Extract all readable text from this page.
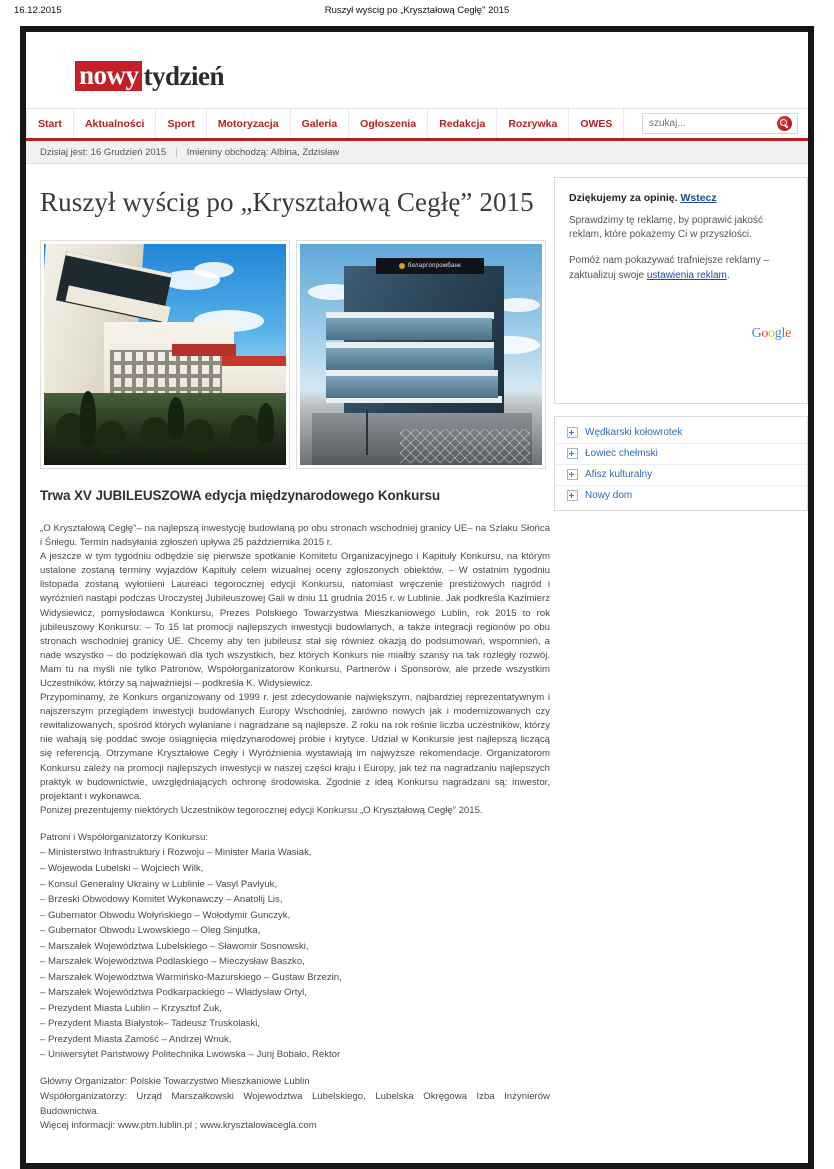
16.12.2015	Ruszył wyścig po „Kryształową Cegłę" 2015
nowy tydzień
Start	Aktualności	Sport	Motoryzacja	Galeria	Ogłoszenia	Redakcja	Rozrywka	OWES
szukaj...
Dzisiaj jest: 16 Grudzień 2015 | Imieniny obchodzą: Albina, Zdzisław
Ruszył wyścig po „Kryształową Cegłę” 2015
беларгопромбанк
Trwa XV JUBILEUSZOWA edycja międzynarodowego Konkursu

„O Kryształową Cegłę”– na najlepszą inwestycję budowlaną po obu stronach wschodniej granicy UE– na Szlaku Słońca i Śniegu. Termin nadsyłania zgłoszeń upływa 25 października 2015 r.

A jeszcze w tym tygodniu odbędzie się pierwsze spotkanie Komitetu Organizacyjnego i Kapituły Konkursu, na którym ustalone zostaną terminy wyjazdów Kapituły celem wizualnej oceny zgłoszonych obiektów. – W ostatnim tygodniu listopada zostaną wyłonieni Laureaci tegorocznej edycji Konkursu, natomiast wręczenie prestiżowych nagród i wyróżnień nastąpi podczas Uroczystej Jubileuszowej Gali w dniu 11 grudnia 2015 r. w Lublinie. Jak podkreśla Kazimierz Widysiewicz, pomysłodawca Konkursu, Prezes Polskiego Towarzystwa Mieszkaniowego Lublin, rok 2015 to rok jubileuszowy Konkursu: – To 15 lat promocji najlepszych inwestycji budowlanych, a także integracji regionów po obu stronach wschodniej granicy UE. Chcemy aby ten jubileusz stał się również okazją do podsumowań, wspomnień, a nade wszystko – do podziękowań dla tych wszystkich, bez których Konkurs nie miałby szansy na tak rozległy rozwój. Mam tu na myśli nie tylko Patronów, Współorganizatorów Konkursu, Partnerów i Sponsorów, ale przede wszystkim Uczestników, którzy są najważniejsi – podkreśla K. Widysiewicz.

Przypominamy, że Konkurs organizowany od 1999 r. jest zdecydowanie największym, najbardziej reprezentatywnym i najszerszym przeglądem inwestycji budowlanych Europy Wschodniej, zarówno nowych jak i modernizowanych czy rewitalizowanych, spośród których wyłaniane i nagradzane są najlepsze. Z roku na rok rośnie liczba uczestników, którzy nie wahają się poddać swoje osiągnięcia międzynarodowej próbie i krytyce. Udział w Konkursie jest najlepszą liczącą się referencją. Otrzymane Kryształowe Cegły i Wyróżnienia wystawiają im najwyższe rekomendacje. Organizatorom Konkursu zależy na promocji najlepszych inwestycji w naszej części kraju i Europy, jak też na nagradzaniu najlepszych praktyk w budownictwie, uwzględniających ochronę środowiska. Zgodnie z ideą Konkursu nagradzani są: inwestor, projektant i wykonawca.

Poniżej prezentujemy niektórych Uczestników tegorocznej edycji Konkursu „O Kryształową Cegłę” 2015.

Patroni i Współorganizatorzy Konkursu:

– Ministerstwo Infrastruktury i Rozwoju – Minister Maria Wasiak,

– Wojewoda Lubelski – Wojciech Wilk,

– Konsul Generalny Ukrainy w Lublinie – Vasyl Pavlyuk,

– Brzeski Obwodowy Komitet Wykonawczy – Anatolij Lis,

– Gubernator Obwodu Wołyńskiego – Wołodymir Gunczyk,

– Gubernator Obwodu Lwowskiego – Oleg Sinjutka,

– Marszałek Województwa Lubelskiego – Sławomir Sosnowski,

– Marszałek Województwa Podlaskiego – Mieczysław Baszko,

– Marszałek Województwa Warmińsko-Mazurskiego – Gustaw Brzezin,

– Marszałek Województwa Podkarpackiego – Władysław Ortyl,

– Prezydent Miasta Lublin – Krzysztof Żuk,

– Prezydent Miasta Białystok– Tadeusz Truskolaski,

– Prezydent Miasta Zamość – Andrzej Wnuk,

– Uniwersytet Państwowy Politechnika Lwowska – Jurij Bobało, Rektor

Główny Organizator: Polskie Towarzystwo Mieszkaniowe Lublin

Współorganizatorzy: Urząd Marszałkowski Województwa Lubelskiego, Lubelska Okręgowa Izba Inżynierów Budownictwa.

Więcej informacji: www.ptm.lublin.pl ; www.krysztalowacegla.com

Dziękujemy za opinię. Wstecz

Sprawdzimy tę reklamę, by poprawić jakość reklam, które pokażemy Ci w przyszłości.

Pomóż nam pokazywać trafniejsze reklamy – zaktualizuj swoje ustawienia reklam.

Google
Wędkarski kołowrotek
Łowiec chełmski
Afisz kulturalny
Nowy dom
